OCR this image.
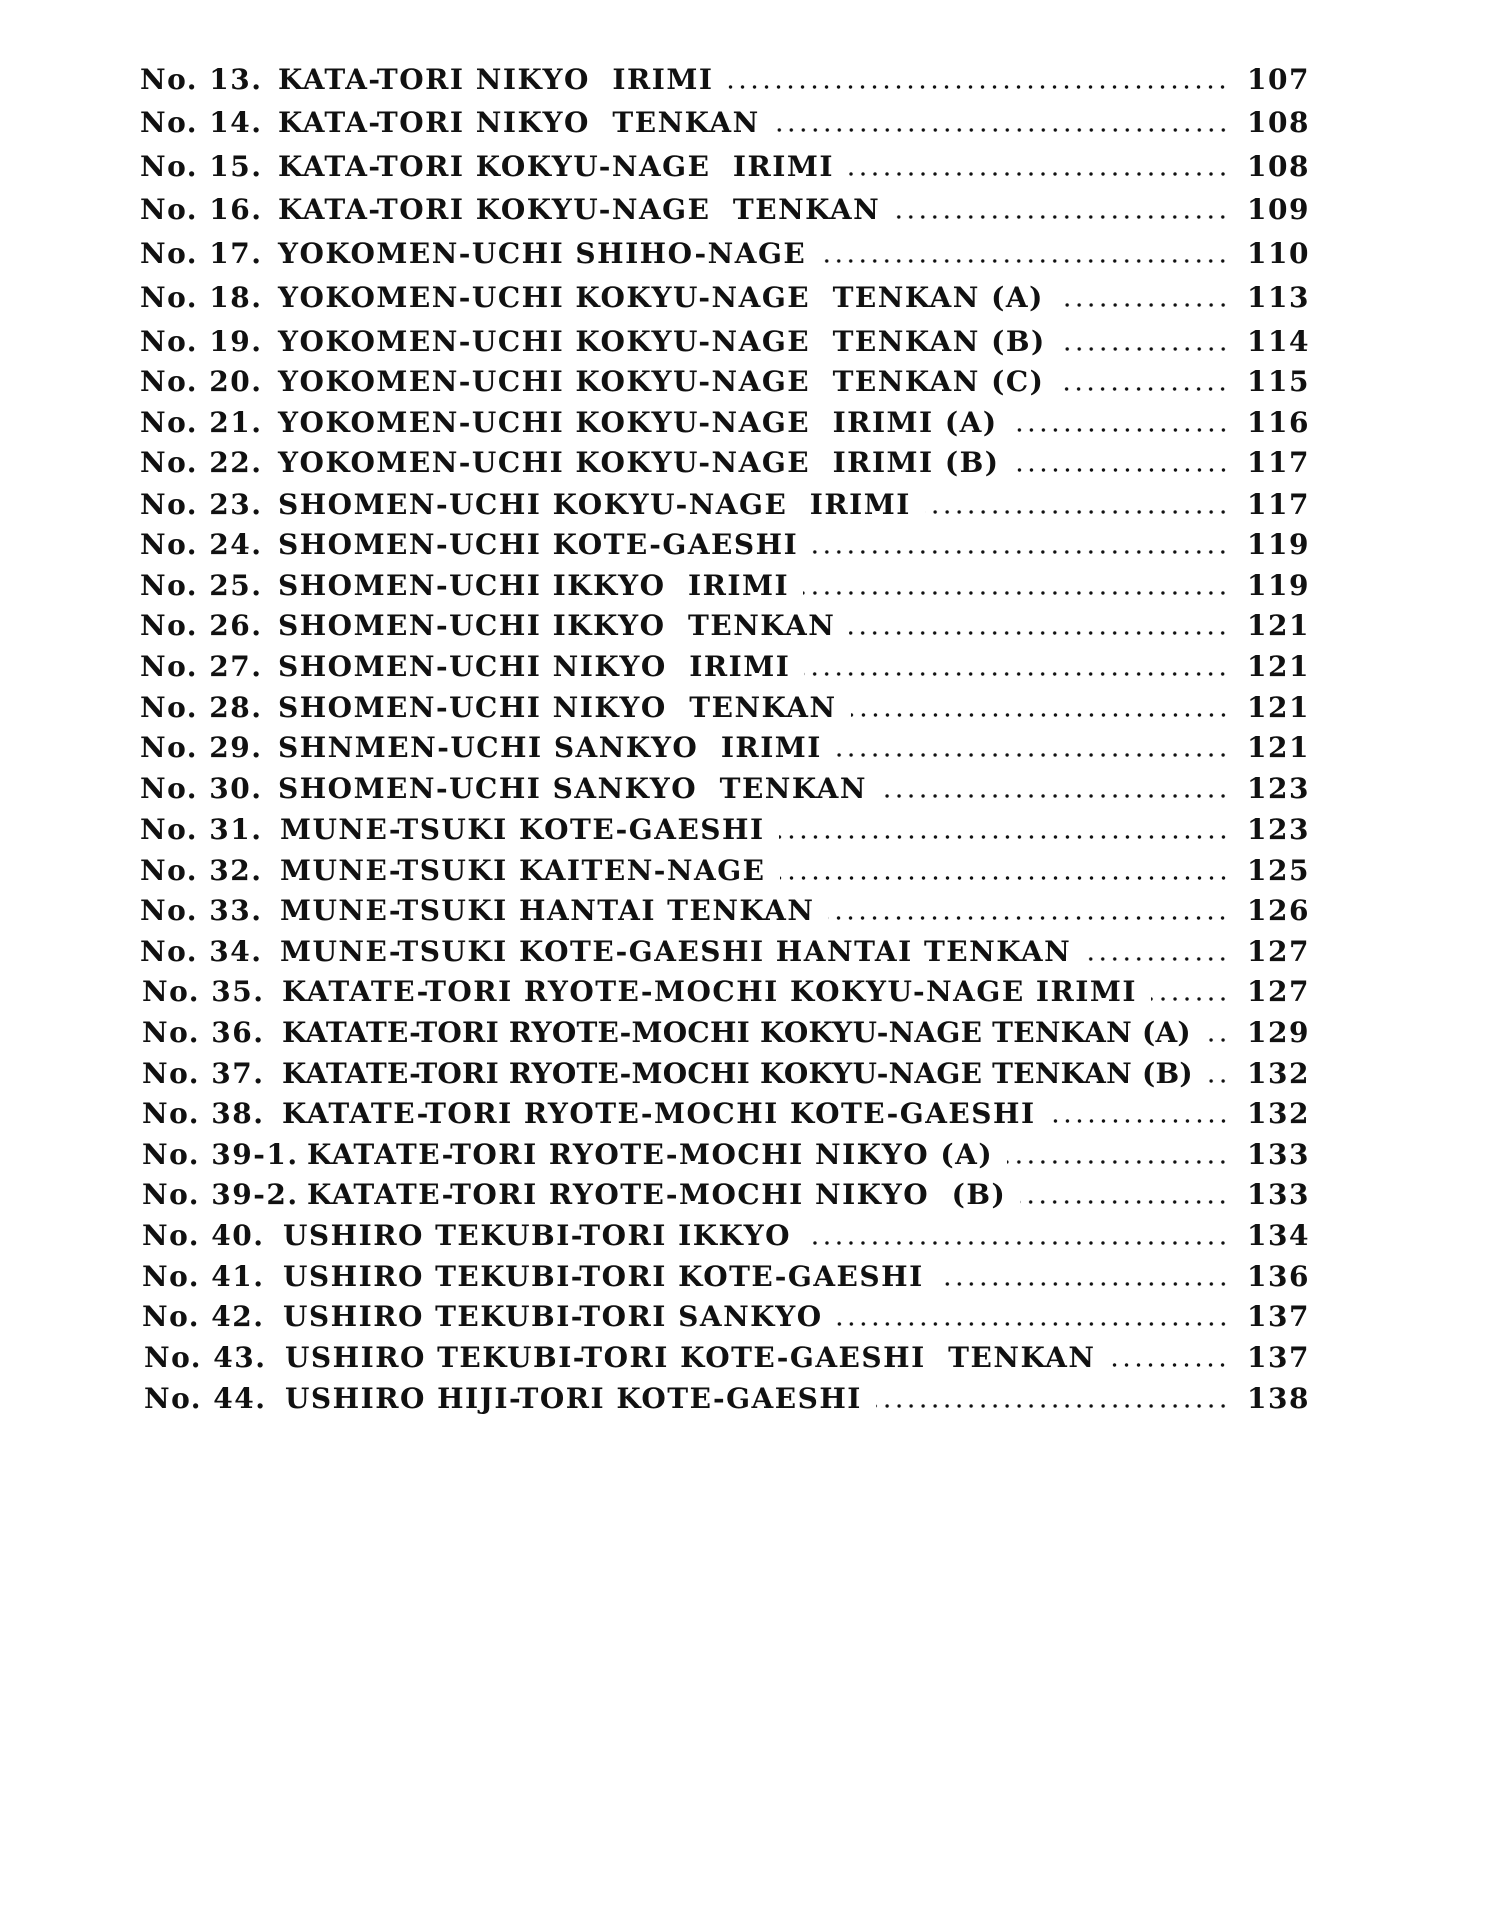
No. 13. KATA-TORI NIKYO  IRIMI	107
No. 14. KATA-TORI NIKYO  TENKAN	108
No. 15. KATA-TORI KOKYU-NAGE  IRIMI	108
No. 16. KATA-TORI KOKYU-NAGE  TENKAN	109
No. 17. YOKOMEN-UCHI SHIHO-NAGE	110
No. 18. YOKOMEN-UCHI KOKYU-NAGE  TENKAN (A)	113
No. 19. YOKOMEN-UCHI KOKYU-NAGE  TENKAN (B)	114
No. 20. YOKOMEN-UCHI KOKYU-NAGE  TENKAN (C)	115
No. 21. YOKOMEN-UCHI KOKYU-NAGE  IRIMI (A)	116
No. 22. YOKOMEN-UCHI KOKYU-NAGE  IRIMI (B)	117
No. 23. SHOMEN-UCHI KOKYU-NAGE  IRIMI	117
No. 24. SHOMEN-UCHI KOTE-GAESHI	119
No. 25. SHOMEN-UCHI IKKYO  IRIMI	119
No. 26. SHOMEN-UCHI IKKYO  TENKAN	121
No. 27. SHOMEN-UCHI NIKYO  IRIMI	121
No. 28. SHOMEN-UCHI NIKYO  TENKAN	121
No. 29. SHNMEN-UCHI SANKYO  IRIMI	121
No. 30. SHOMEN-UCHI SANKYO  TENKAN	123
No. 31. MUNE-TSUKI KOTE-GAESHI	123
No. 32. MUNE-TSUKI KAITEN-NAGE	125
No. 33. MUNE-TSUKI HANTAI TENKAN	126
No. 34. MUNE-TSUKI KOTE-GAESHI HANTAI TENKAN	127
No. 35. KATATE-TORI RYOTE-MOCHI KOKYU-NAGE IRIMI	127
No. 36. KATATE-TORI RYOTE-MOCHI KOKYU-NAGE TENKAN (A)	129
No. 37. KATATE-TORI RYOTE-MOCHI KOKYU-NAGE TENKAN (B)	132
No. 38. KATATE-TORI RYOTE-MOCHI KOTE-GAESHI	132
No. 39-1. KATATE-TORI RYOTE-MOCHI NIKYO (A)	133
No. 39-2. KATATE-TORI RYOTE-MOCHI NIKYO  (B)	133
No. 40. USHIRO TEKUBI-TORI IKKYO	134
No. 41. USHIRO TEKUBI-TORI KOTE-GAESHI	136
No. 42. USHIRO TEKUBI-TORI SANKYO	137
No. 43. USHIRO TEKUBI-TORI KOTE-GAESHI  TENKAN	137
No. 44. USHIRO HIJI-TORI KOTE-GAESHI	138
